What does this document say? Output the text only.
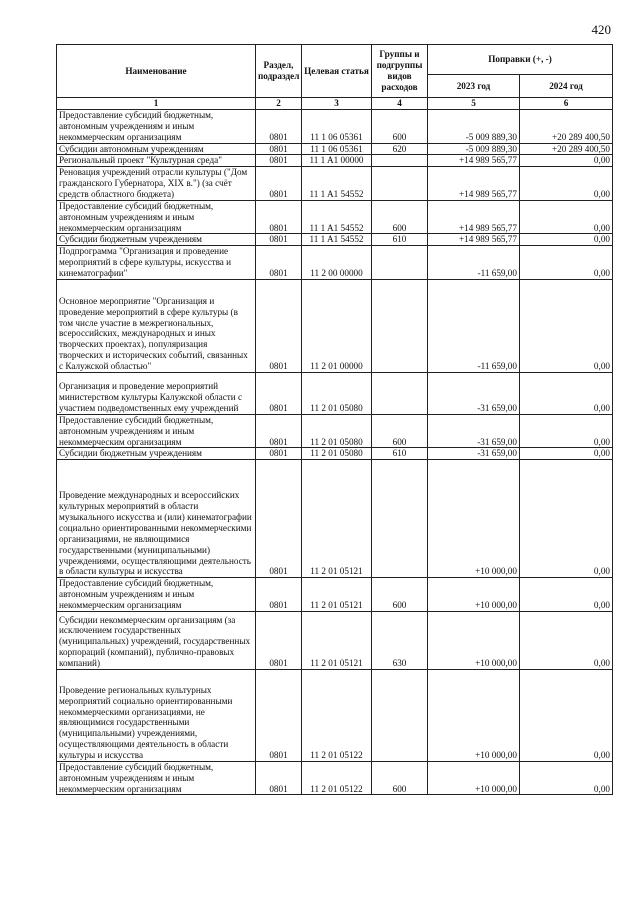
420
Наименование	Раздел, подраздел	Целевая статья	Группы и подгруппы видов расходов	Поправки (+, -)	
				2023 год	2024 год
1	2	3	4	5	6
Предоставление субсидий бюджетным, автономным учреждениям и иным некоммерческим организациям	0801	11 1 06 05361	600	-5 009 889,30	+20 289 400,50
Субсидии автономным учреждениям	0801	11 1 06 05361	620	-5 009 889,30	+20 289 400,50
Региональный проект "Культурная среда"	0801	11 1 A1 00000		+14 989 565,77	0,00
Реновация учреждений отрасли культуры ("Дом гражданского Губернатора, XIX в.") (за счёт средств областного бюджета)	0801	11 1 A1 54552		+14 989 565,77	0,00
Предоставление субсидий бюджетным, автономным учреждениям и иным некоммерческим организациям	0801	11 1 A1 54552	600	+14 989 565,77	0,00
Субсидии бюджетным учреждениям	0801	11 1 A1 54552	610	+14 989 565,77	0,00
Подпрограмма "Организация и проведение мероприятий в сфере культуры, искусства и кинематографии"	0801	11 2 00 00000		-11 659,00	0,00
Основное мероприятие "Организация и проведение мероприятий в сфере культуры (в том числе участие в межрегиональных, всероссийских, международных и иных творческих проектах), популяризация творческих и исторических событий, связанных с Калужской областью"	0801	11 2 01 00000		-11 659,00	0,00
Организация и проведение мероприятий министерством культуры Калужской области с участием подведомственных ему учреждений	0801	11 2 01 05080		-31 659,00	0,00
Предоставление субсидий бюджетным, автономным учреждениям и иным некоммерческим организациям	0801	11 2 01 05080	600	-31 659,00	0,00
Субсидии бюджетным учреждениям	0801	11 2 01 05080	610	-31 659,00	0,00
Проведение международных и всероссийских культурных мероприятий в области музыкального искусства и (или) кинематографии социально ориентированными некоммерческими организациями, не являющимися государственными (муниципальными) учреждениями, осуществляющими деятельность в области культуры и искусства	0801	11 2 01 05121		+10 000,00	0,00
Предоставление субсидий бюджетным, автономным учреждениям и иным некоммерческим организациям	0801	11 2 01 05121	600	+10 000,00	0,00
Субсидии некоммерческим организациям (за исключением государственных (муниципальных) учреждений, государственных корпораций (компаний), публично-правовых компаний)	0801	11 2 01 05121	630	+10 000,00	0,00
Проведение региональных культурных мероприятий социально ориентированными некоммерческими организациями, не являющимися государственными (муниципальными) учреждениями, осуществляющими деятельность в области культуры и искусства	0801	11 2 01 05122		+10 000,00	0,00
Предоставление субсидий бюджетным, автономным учреждениям и иным некоммерческим организациям	0801	11 2 01 05122	600	+10 000,00	0,00
